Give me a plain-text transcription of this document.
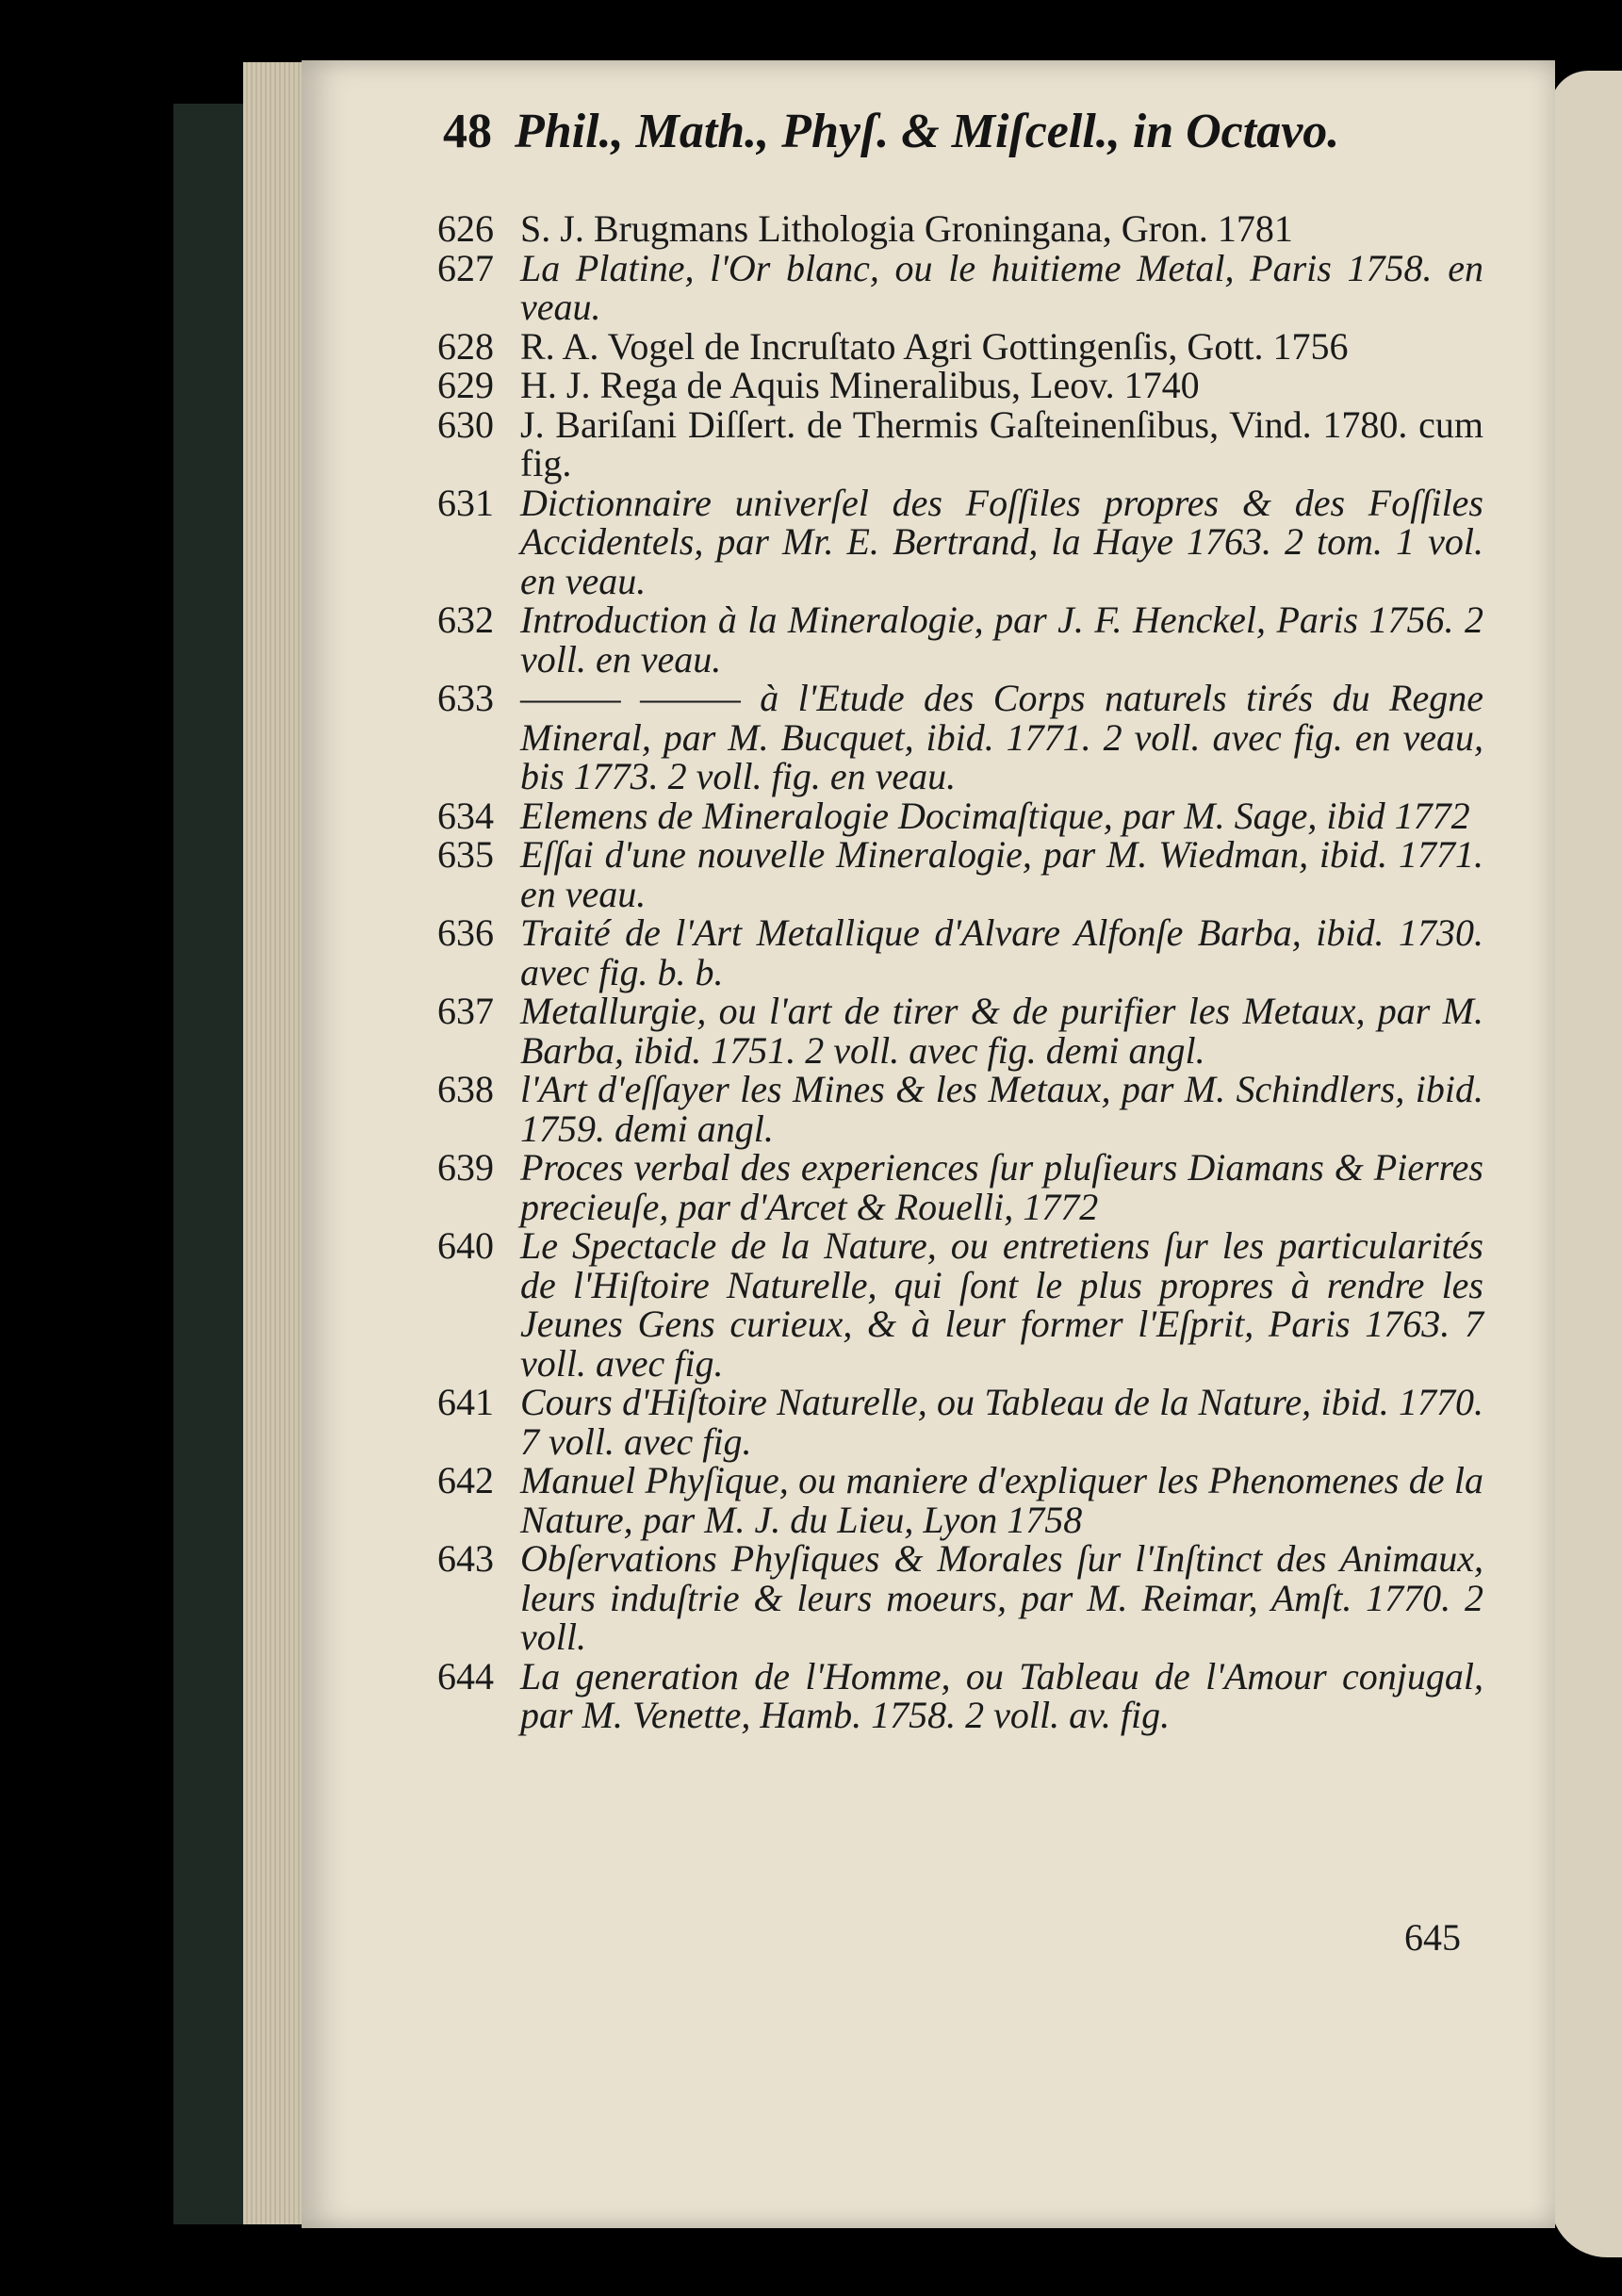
48 Phil., Math., Phyſ. & Miſcell., in Octavo.
626 S. J. Brugmans Lithologia Groningana, Gron. 1781
627 La Platine, l'Or blanc, ou le huitieme Metal, Paris 1758. en veau.
628 R. A. Vogel de Incruſtato Agri Gottingenſis, Gott. 1756
629 H. J. Rega de Aquis Mineralibus, Leov. 1740
630 J. Bariſani Diſſert. de Thermis Gaſteinenſibus, Vind. 1780. cum fig.
631 Dictionnaire univerſel des Foſſiles propres & des Foſſiles Accidentels, par Mr. E. Bertrand, la Haye 1763. 2 tom. 1 vol. en veau.
632 Introduction à la Mineralogie, par J. F. Henckel, Paris 1756. 2 voll. en veau.
633 ——— ——— à l'Etude des Corps naturels tirés du Regne Mineral, par M. Bucquet, ibid. 1771. 2 voll. avec fig. en veau, bis 1773. 2 voll. fig. en veau.
634 Elemens de Mineralogie Docimaſtique, par M. Sage, ibid 1772
635 Eſſai d'une nouvelle Mineralogie, par M. Wiedman, ibid. 1771. en veau.
636 Traité de l'Art Metallique d'Alvare Alfonſe Barba, ibid. 1730. avec fig. b. b.
637 Metallurgie, ou l'art de tirer & de purifier les Metaux, par M. Barba, ibid. 1751. 2 voll. avec fig. demi angl.
638 l'Art d'eſſayer les Mines & les Metaux, par M. Schindlers, ibid. 1759. demi angl.
639 Proces verbal des experiences ſur pluſieurs Diamans & Pierres precieuſe, par d'Arcet & Rouelli, 1772
640 Le Spectacle de la Nature, ou entretiens ſur les particularités de l'Hiſtoire Naturelle, qui ſont le plus propres à rendre les Jeunes Gens curieux, & à leur former l'Eſprit, Paris 1763. 7 voll. avec fig.
641 Cours d'Hiſtoire Naturelle, ou Tableau de la Nature, ibid. 1770. 7 voll. avec fig.
642 Manuel Phyſique, ou maniere d'expliquer les Phenomenes de la Nature, par M. J. du Lieu, Lyon 1758
643 Obſervations Phyſiques & Morales ſur l'Inſtinct des Animaux, leurs induſtrie & leurs moeurs, par M. Reimar, Amſt. 1770. 2 voll.
644 La generation de l'Homme, ou Tableau de l'Amour conjugal, par M. Venette, Hamb. 1758. 2 voll. av. fig.
645
